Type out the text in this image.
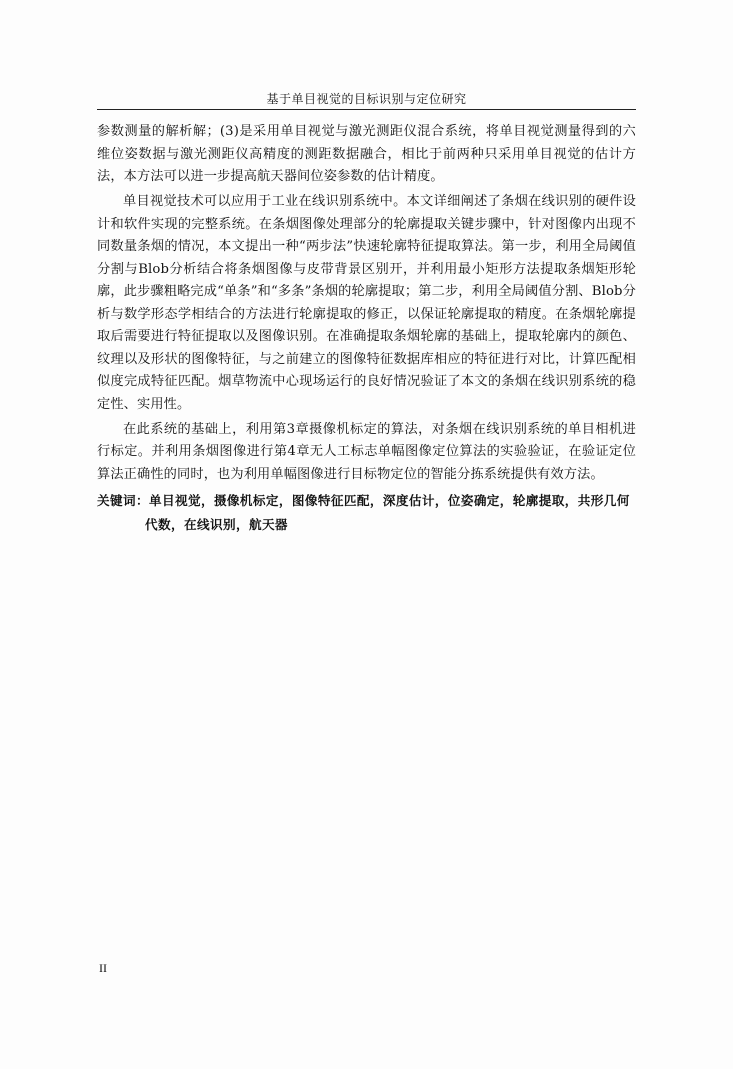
基于单目视觉的目标识别与定位研究

参数测量的解析解；(3)是采用单目视觉与激光测距仪混合系统，将单目视觉测量得到的六维位姿数据与激光测距仪高精度的测距数据融合，相比于前两种只采用单目视觉的估计方法，本方法可以进一步提高航天器间位姿参数的估计精度。

单目视觉技术可以应用于工业在线识别系统中。本文详细阐述了条烟在线识别的硬件设计和软件实现的完整系统。在条烟图像处理部分的轮廓提取关键步骤中，针对图像内出现不同数量条烟的情况，本文提出一种“两步法”快速轮廓特征提取算法。第一步，利用全局阈值分割与Blob分析结合将条烟图像与皮带背景区别开，并利用最小矩形方法提取条烟矩形轮廓，此步骤粗略完成“单条”和“多条”条烟的轮廓提取；第二步，利用全局阈值分割、Blob分析与数学形态学相结合的方法进行轮廓提取的修正，以保证轮廓提取的精度。在条烟轮廓提取后需要进行特征提取以及图像识别。在准确提取条烟轮廓的基础上，提取轮廓内的颜色、纹理以及形状的图像特征，与之前建立的图像特征数据库相应的特征进行对比，计算匹配相似度完成特征匹配。烟草物流中心现场运行的良好情况验证了本文的条烟在线识别系统的稳定性、实用性。

在此系统的基础上，利用第3章摄像机标定的算法，对条烟在线识别系统的单目相机进行标定。并利用条烟图像进行第4章无人工标志单幅图像定位算法的实验验证，在验证定位算法正确性的同时，也为利用单幅图像进行目标物定位的智能分拣系统提供有效方法。

关键词：单目视觉，摄像机标定，图像特征匹配，深度估计，位姿确定，轮廓提取，共形几何代数，在线识别，航天器

II
